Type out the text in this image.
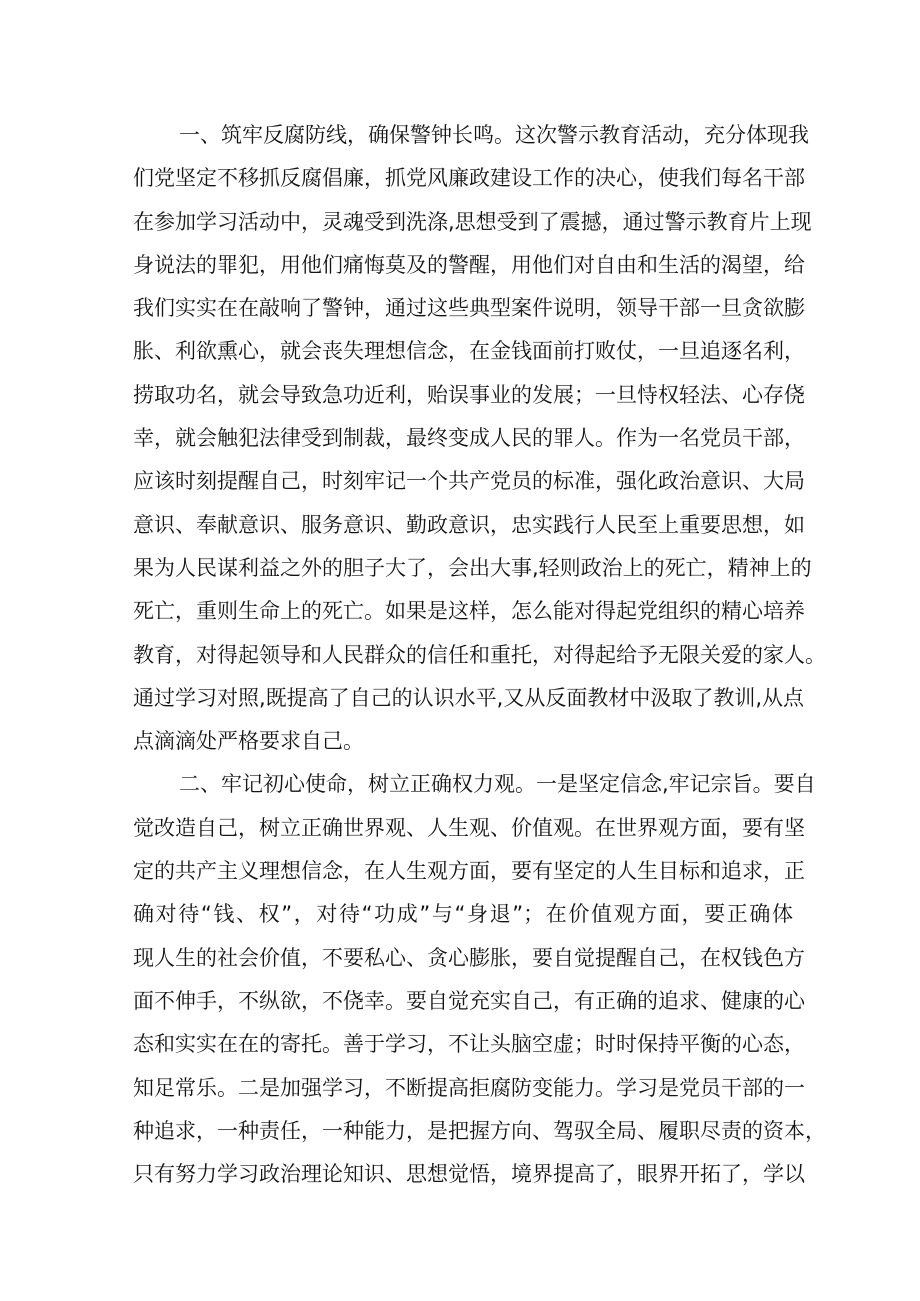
一、筑牢反腐防线，确保警钟长鸣。这次警示教育活动，充分体现我
们党坚定不移抓反腐倡廉，抓党风廉政建设工作的决心，使我们每名干部
在参加学习活动中，灵魂受到洗涤,思想受到了震撼，通过警示教育片上现
身说法的罪犯，用他们痛悔莫及的警醒，用他们对自由和生活的渴望，给
我们实实在在敲响了警钟，通过这些典型案件说明，领导干部一旦贪欲膨
胀、利欲熏心，就会丧失理想信念，在金钱面前打败仗，一旦追逐名利，
捞取功名，就会导致急功近利，贻误事业的发展；一旦恃权轻法、心存侥
幸，就会触犯法律受到制裁，最终变成人民的罪人。作为一名党员干部，
应该时刻提醒自己，时刻牢记一个共产党员的标准，强化政治意识、大局
意识、奉献意识、服务意识、勤政意识，忠实践行人民至上重要思想，如
果为人民谋利益之外的胆子大了，会出大事,轻则政治上的死亡，精神上的
死亡，重则生命上的死亡。如果是这样，怎么能对得起党组织的精心培养
教育，对得起领导和人民群众的信任和重托，对得起给予无限关爱的家人。
通过学习对照,既提高了自己的认识水平,又从反面教材中汲取了教训,从点
点滴滴处严格要求自己。
二、牢记初心使命，树立正确权力观。一是坚定信念,牢记宗旨。要自
觉改造自己，树立正确世界观、人生观、价值观。在世界观方面，要有坚
定的共产主义理想信念，在人生观方面，要有坚定的人生目标和追求，正
确对待“钱、权”，对待“功成”与“身退”；在价值观方面，要正确体
现人生的社会价值，不要私心、贪心膨胀，要自觉提醒自己，在权钱色方
面不伸手，不纵欲，不侥幸。要自觉充实自己，有正确的追求、健康的心
态和实实在在的寄托。善于学习，不让头脑空虚；时时保持平衡的心态，
知足常乐。二是加强学习，不断提高拒腐防变能力。学习是党员干部的一
种追求，一种责任，一种能力，是把握方向、驾驭全局、履职尽责的资本，
只有努力学习政治理论知识、思想觉悟，境界提高了，眼界开拓了，学以
